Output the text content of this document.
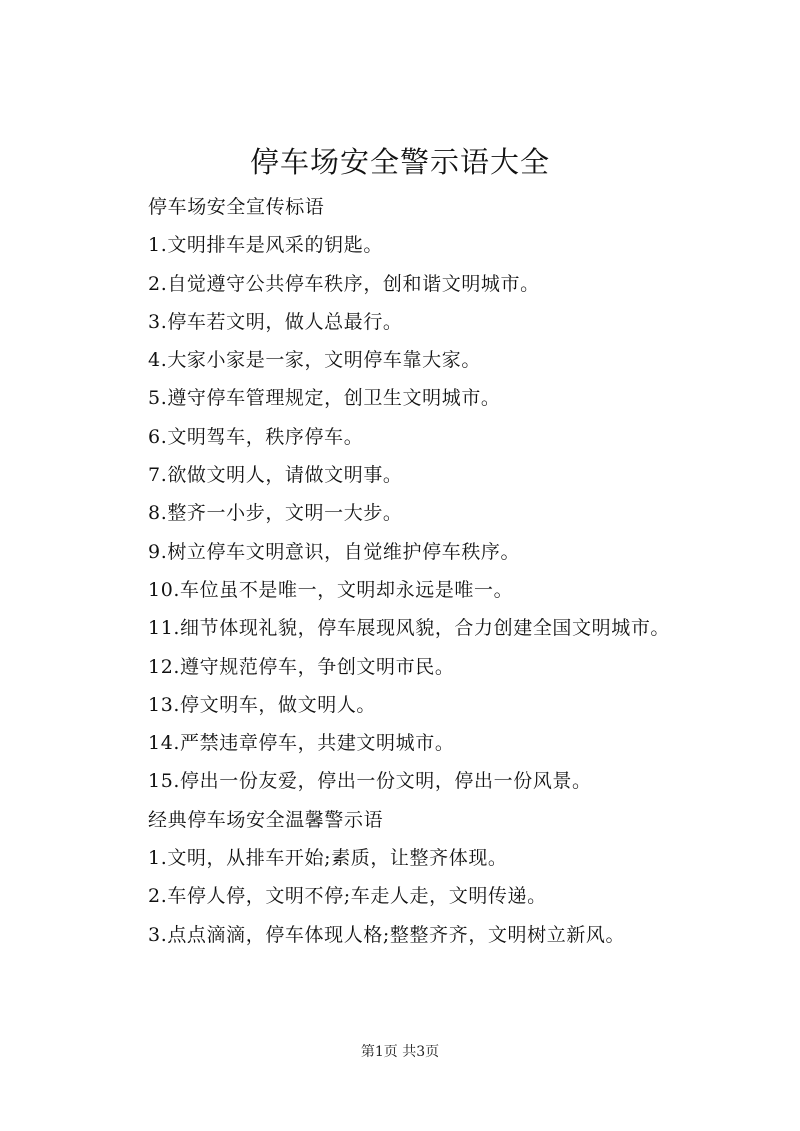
停车场安全警示语大全
停车场安全宣传标语
1.文明排车是风采的钥匙。
2.自觉遵守公共停车秩序，创和谐文明城市。
3.停车若文明，做人总最行。
4.大家小家是一家，文明停车靠大家。
5.遵守停车管理规定，创卫生文明城市。
6.文明驾车，秩序停车。
7.欲做文明人，请做文明事。
8.整齐一小步，文明一大步。
9.树立停车文明意识，自觉维护停车秩序。
10.车位虽不是唯一，文明却永远是唯一。
11.细节体现礼貌，停车展现风貌，合力创建全国文明城市。
12.遵守规范停车，争创文明市民。
13.停文明车，做文明人。
14.严禁违章停车，共建文明城市。
15.停出一份友爱，停出一份文明，停出一份风景。
经典停车场安全温馨警示语
1.文明，从排车开始;素质，让整齐体现。
2.车停人停，文明不停;车走人走，文明传递。
3.点点滴滴，停车体现人格;整整齐齐，文明树立新风。
第1页 共3页
